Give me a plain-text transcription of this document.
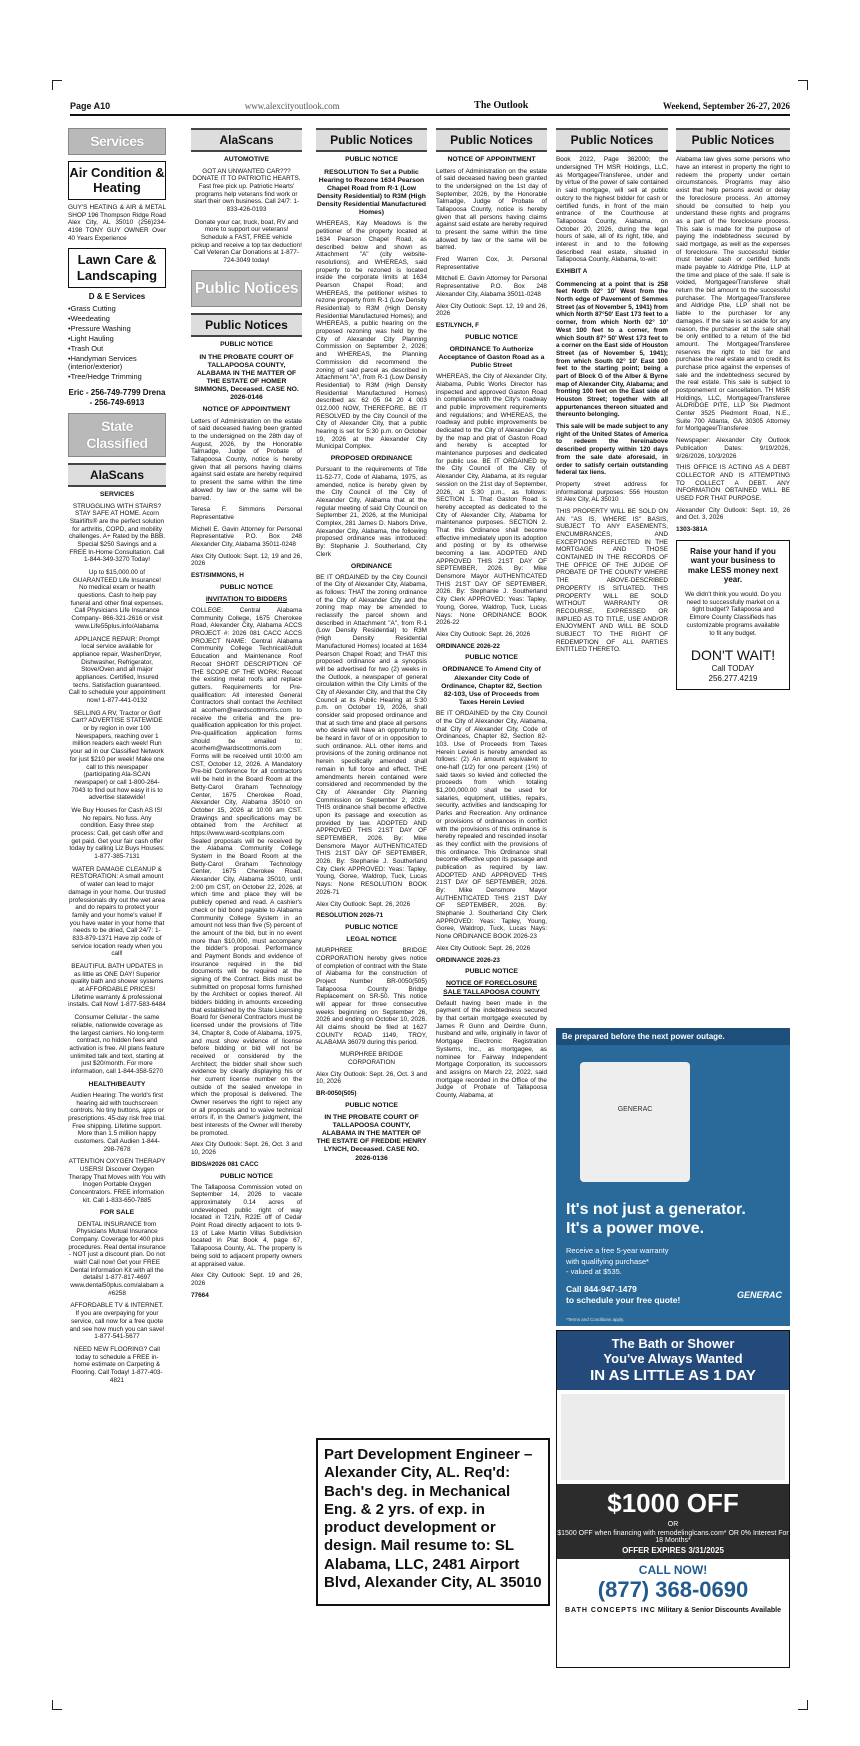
Page A10	www.alexcityoutlook.com	The Outlook	Weekend, September 26-27, 2026
Services
Air Condition & Heating
GUY'S HEATING & AIR & METAL SHOP 196 Thompson Ridge Road Alex City, AL 35010 (256)234-4198 TONY GUY OWNER Over 40 Years Experience
Lawn Care & Landscaping
D & E Services
•Grass Cutting
•Weedeating
•Pressure Washing
•Light Hauling
•Trash Out
•Handyman Services (interior/exterior)
•Tree/Hedge Trimming
Eric - 256-749-7799 Drena - 256-749-6913
State Classified
AlaScans
SERVICES
STRUGGLING WITH STAIRS? STAY SAFE AT HOME. Acorn Stairlifts® are the perfect solution for arthritis, COPD, and mobility challenges. A+ Rated by the BBB. Special $250 Savings and a FREE In-Home Consultation. Call 1-844-349-3270 Today!
Up to $15,000.00 of GUARANTEED Life Insurance! No medical exam or health questions. Cash to help pay funeral and other final expenses. Call Physicians Life Insurance Company- 866-321-2616 or visit www.Life55plus.info/Alabama
APPLIANCE REPAIR: Prompt local service available for appliance repair, Washer/Dryer, Dishwasher, Refrigerator, Stove/Oven and all major appliances. Certified, Insured techs. Satisfaction guaranteed. Call to schedule your appointment now! 1-877-441-0132
SELLING A RV, Tractor or Golf Cart? ADVERTISE STATEWIDE or by region in over 100 Newspapers, reaching over 1 million readers each week! Run your ad in our Classified Network for just $210 per week! Make one call to this newspaper (participating Ala-SCAN newspaper) or call 1-800-264-7043 to find out how easy it is to advertise statewide!
We Buy Houses for Cash AS IS! No repairs. No fuss. Any condition. Easy three step process: Call, get cash offer and get paid. Get your fair cash offer today by calling Liz Buys Houses: 1-877-385-7131
WATER DAMAGE CLEANUP & RESTORATION: A small amount of water can lead to major damage in your home. Our trusted professionals dry out the wet area and do repairs to protect your family and your home's value! If you have water in your home that needs to be dried, Call 24/7: 1-833-879-1371 Have zip code of service location ready when you call!
BEAUTIFUL BATH UPDATES in as little as ONE DAY! Superior quality bath and shower systems at AFFORDABLE PRICES! Lifetime warranty & professional installs. Call Now! 1-877-583-6484
Consumer Cellular - the same reliable, nationwide coverage as the largest carriers. No long-term contract, no hidden fees and activation is free. All plans feature unlimited talk and text, starting at just $20/month. For more information, call 1-844-358-5270
HEALTH/BEAUTY
Audien Hearing: The world's first hearing aid with touchscreen controls. No tiny buttons, apps or prescriptions. 45-day risk free trial. Free shipping. Lifetime support. More than 1.5 million happy customers. Call Audien 1-844-298-7678
ATTENTION OXYGEN THERAPY USERS! Discover Oxygen Therapy That Moves with You with Inogen Portable Oxygen Concentrators. FREE information kit. Call 1-833-650-7885
FOR SALE
DENTAL INSURANCE from Physicians Mutual Insurance Company. Coverage for 400 plus procedures. Real dental insurance - NOT just a discount plan. Do not wait! Call now! Get your FREE Dental Information Kit with all the details! 1-877-817-4697 www.dental50plus.com/alabam a #6258
AFFORDABLE TV & INTERNET. If you are overpaying for your service, call now for a free quote and see how much you can save! 1-877-541-5677
NEED NEW FLOORING? Call today to schedule a FREE in-home estimate on Carpeting & Flooring. Call Today! 1-877-403-4821
AlaScans
AUTOMOTIVE
GOT AN UNWANTED CAR??? DONATE IT TO PATRIOTIC HEARTS. Fast free pick up. Patriotic Hearts' programs help veterans find work or start their own business. Call 24/7: 1-833-426-0193
Donate your car, truck, boat, RV and more to support our veterans! Schedule a FAST, FREE vehicle pickup and receive a top tax deduction! Call Veteran Car Donations at 1-877-724-3049 today!
Public Notices
Public Notices
PUBLIC NOTICE
IN THE PROBATE COURT OF TALLAPOOSA COUNTY, ALABAMA IN THE MATTER OF THE ESTATE OF HOMER SIMMONS, Deceased. CASE NO. 2026-0146
NOTICE OF APPOINTMENT
Letters of Administration on the estate of said deceased having been granted to the undersigned on the 28th day of August, 2026, by the Honorable Talmadge, Judge of Probate of Tallapoosa County, notice is hereby given that all persons having claims against said estate are hereby required to present the same within the time allowed by law or the same will be barred.
Teresa F. Simmons Personal Representative
Michell E. Gavin Attorney for Personal Representative P.O. Box 248 Alexander City, Alabama 35011-0248
Alex City Outlook: Sept. 12, 19 and 26, 2026
EST/SIMMONS, H
PUBLIC NOTICE
INVITATION TO BIDDERS
COLLEGE: Central Alabama Community College, 1675 Cherokee Road, Alexander City, Alabama ACCS PROJECT #: 2026 081 CACC ACCS PROJECT NAME: Central Alabama Community College Technical/Adult Education and Maintenance Roof Recoat SHORT DESCRIPTION OF THE SCOPE OF THE WORK: Recoat the existing metal roofs and replace gutters. Requirements for Pre-qualification: All interested General Contractors shall contact the Architect at acorhem@wardscottmorris.com to receive the criteria and the pre-qualification application for this project. Pre-qualification application forms should be emailed to: acorhem@wardscottmorris.com . Forms will be received until 10:00 am CST, October 12, 2026. A Mandatory Pre-bid Conference for all contractors will be held in the Board Room at the Betty-Carol Graham Technology Center, 1675 Cherokee Road, Alexander City, Alabama 35010 on October 15, 2026 at 10:00 am CST. Drawings and specifications may be obtained from the Architect at https://www.ward-scottplans.com Sealed proposals will be received by the Alabama Community College System in the Board Room at the Betty-Carol Graham Technology Center, 1675 Cherokee Road, Alexander City, Alabama 35010, until 2:00 pm CST, on October 22, 2026, at which time and place they will be publicly opened and read. A cashier's check or bid bond payable to Alabama Community College System in an amount not less than five (5) percent of the amount of the bid, but in no event more than $10,000, must accompany the bidder's proposal. Performance and Payment Bonds and evidence of insurance required in the bid documents will be required at the signing of the Contract. Bids must be submitted on proposal forms furnished by the Architect or copies thereof. All bidders bidding in amounts exceeding that established by the State Licensing Board for General Contractors must be licensed under the provisions of Title 34, Chapter 8, Code of Alabama, 1975, and must show evidence of license before bidding or bid will not be received or considered by the Architect; the bidder shall show such evidence by clearly displaying his or her current license number on the outside of the sealed envelope in which the proposal is delivered. The Owner reserves the right to reject any or all proposals and to waive technical errors if, in the Owner's judgment, the best interests of the Owner will thereby be promoted.
Alex City Outlook: Sept. 26, Oct. 3 and 10, 2026
BIDS/#2026 081 CACC
PUBLIC NOTICE
The Tallapoosa Commission voted on September 14, 2026 to vacate approximately 0.14 acres of undeveloped public right of way located in T21N, R22E off of Cedar Point Road directly adjacent to lots 9-13 of Lake Martin Villas Subdivision located in Plat Book 4, page 67, Tallapoosa County, AL. The property is being sold to adjacent property owners at appraised value.
Alex City Outlook: Sept. 19 and 26, 2026
77664
Public Notices
PUBLIC NOTICE
RESOLUTION To Set a Public Hearing to Rezone 1634 Pearson Chapel Road from R-1 (Low Density Residential) to R3M (High Density Residential Manufactured Homes)
WHEREAS, Kay Meadows is the petitioner of the property located at 1634 Pearson Chapel Road, as described below and shown as Attachment "A" (city website-resolutions); and WHEREAS, said property to be rezoned is located inside the corporate limits at 1634 Pearson Chapel Road; and WHEREAS, the petitioner wishes to rezone property from R-1 (Low Density Residential) to R3M (High Density Residential Manufactured Homes); and WHEREAS, a public hearing on the proposed rezoning was held by the City of Alexander City Planning Commission on September 2, 2026; and WHEREAS, the Planning Commission did recommend the zoning of said parcel as described in Attachment "A", from R-1 (Low Density Residential) to R3M (High Density Residential Manufactured Homes) described as: 62 05 04 20 4 003 012.000 NOW, THEREFORE, BE IT RESOLVED by the City Council of the City of Alexander City, that a public hearing is set for 5:30 p.m. on October 19, 2026 at the Alexander City Municipal Complex.
PROPOSED ORDINANCE
Pursuant to the requirements of Title 11-52-77, Code of Alabama, 1975, as amended, notice is hereby given by the City Council of the City of Alexander City, Alabama that at the regular meeting of said City Council on September 21, 2026, at the Municipal Complex, 281 James D. Nabors Drive, Alexander City, Alabama, the following proposed ordinance was introduced: By: Stephanie J. Southerland, City Clerk
ORDINANCE
BE IT ORDAINED by the City Council of the City of Alexander City, Alabama, as follows: THAT the zoning ordinance of the City of Alexander City and the zoning map may be amended to reclassify the parcel shown and described in Attachment "A", from R-1 (Low Density Residential) to R3M (High Density Residential Manufactured Homes) located at 1634 Pearson Chapel Road; and THAT this proposed ordinance and a synopsis will be advertised for two (2) weeks in the Outlook, a newspaper of general circulation within the City Limits of the City of Alexander City, and that the City Council at its Public Hearing at 5:30 p.m. on October 19, 2026, shall consider said proposed ordinance and that at such time and place all persons who desire will have an opportunity to be heard in favor of or in opposition to such ordinance. ALL other items and provisions of the zoning ordinance not herein specifically amended shall remain in full force and effect. THE amendments herein contained were considered and recommended by the City of Alexander City Planning Commission on September 2, 2026. THIS ordinance shall become effective upon its passage and execution as provided by law. ADOPTED AND APPROVED THIS 21ST DAY OF SEPTEMBER, 2026. By: Mike Densmore Mayor AUTHENTICATED THIS 21ST DAY OF SEPTEMBER, 2026. By: Stephanie J. Southerland City Clerk APPROVED: Yeas: Tapley, Young, Goree, Waldrop, Tuck, Lucas Nays: None RESOLUTION BOOK 2026-71
Alex City Outlook: Sept. 26, 2026
RESOLUTION 2026-71
PUBLIC NOTICE
LEGAL NOTICE
MURPHREE BRIDGE CORPORATION hereby gives notice of completion of contract with the State of Alabama for the construction of Project Number BR-0050(505) Tallapoosa County Bridge Replacement on SR-50. This notice will appear for three consecutive weeks beginning on September 26, 2026 and ending on October 10, 2026. All claims should be filed at 1627 COUNTY ROAD 1149, TROY, ALABAMA 36079 during this period.
MURPHREE BRIDGE CORPORATION
Alex City Outlook: Sept. 26, Oct. 3 and 10, 2026
BR-0050(505)
PUBLIC NOTICE
IN THE PROBATE COURT OF TALLAPOOSA COUNTY, ALABAMA IN THE MATTER OF THE ESTATE OF FREDDIE HENRY LYNCH, Deceased. CASE NO. 2026-0136
Public Notices
NOTICE OF APPOINTMENT
Letters of Administration on the estate of said deceased having been granted to the undersigned on the 1st day of September, 2026, by the Honorable Talmadge, Judge of Probate of Tallapoosa County, notice is hereby given that all persons having claims against said estate are hereby required to present the same within the time allowed by law or the same will be barred.
Fred Warren Cox, Jr. Personal Representative
Mitchell E. Gavin Attorney for Personal Representative P.O. Box 248 Alexander City, Alabama 35011-0248
Alex City Outlook: Sept. 12, 19 and 26, 2026
EST/LYNCH, F
PUBLIC NOTICE
ORDINANCE To Authorize Acceptance of Gaston Road as a Public Street
WHEREAS, the City of Alexander City, Alabama, Public Works Director has inspected and approved Gaston Road in compliance with the City's roadway and public improvement requirements and regulations; and WHEREAS, the roadway and public improvements be dedicated to the City of Alexander City by the map and plat of Gaston Road and hereby is accepted for maintenance purposes and dedicated for public use. BE IT ORDAINED by the City Council of the City of Alexander City, Alabama, at its regular session on the 21st day of September, 2026, at 5:30 p.m., as follows: SECTION 1. That Gaston Road is hereby accepted as dedicated to the City of Alexander City, Alabama for maintenance purposes. SECTION 2. That this Ordinance shall become effective immediately upon its adoption and posting or by its otherwise becoming a law. ADOPTED AND APPROVED THIS 21ST DAY OF SEPTEMBER, 2026. By: Mike Densmore Mayor AUTHENTICATED THIS 21ST DAY OF SEPTEMBER, 2026. By: Stephanie J. Southerland City Clerk APPROVED: Yeas: Tapley, Young, Goree, Waldrop, Tuck, Lucas Nays: None ORDINANCE BOOK 2026-22
Alex City Outlook: Sept. 26, 2026
ORDINANCE 2026-22
PUBLIC NOTICE
ORDINANCE To Amend City of Alexander City Code of Ordinance, Chapter 82, Section 82-103, Use of Proceeds from Taxes Herein Levied
BE IT ORDAINED by the City Council of the City of Alexander City, Alabama, that City of Alexander City, Code of Ordinances, Chapter 82, Section 82-103. Use of Proceeds from Taxes Herein Levied is hereby amended as follows: (2) An amount equivalent to one-half (1/2) for one percent (1%) of said taxes so levied and collected the proceeds from which totaling $1,200,000.00 shall be used for salaries, equipment, utilities, repairs, security, activities and landscaping for Parks and Recreation. Any ordinance or provisions of ordinances in conflict with the provisions of this ordinance is hereby repealed and rescinded insofar as they conflict with the provisions of this ordinance. This Ordinance shall become effective upon its passage and publication as required by law. ADOPTED AND APPROVED THIS 21ST DAY OF SEPTEMBER, 2026. By: Mike Densmore Mayor AUTHENTICATED THIS 21ST DAY OF SEPTEMBER, 2026. By: Stephanie J. Southerland City Clerk APPROVED: Yeas: Tapley, Young, Goree, Waldrop, Tuck, Lucas Nays: None ORDINANCE BOOK 2026-23
Alex City Outlook: Sept. 26, 2026
ORDINANCE 2026-23
PUBLIC NOTICE
NOTICE OF FORECLOSURE SALE TALLAPOOSA COUNTY
Default having been made in the payment of the indebtedness secured by that certain mortgage executed by James R Gunn and Deirdre Gunn, husband and wife, originally in favor of Mortgage Electronic Registration Systems, Inc., as mortgagee, as nominee for Fairway Independent Mortgage Corporation, its successors and assigns on March 22, 2022, said mortgage recorded in the Office of the Judge of Probate of Tallapoosa County, Alabama, at
Public Notices
Book 2022, Page 362000; the undersigned TH MSR Holdings, LLC, as Mortgagee/Transferee, under and by virtue of the power of sale contained in said mortgage, will sell at public outcry to the highest bidder for cash or certified funds, in front of the main entrance of the Courthouse at Tallapoosa County, Alabama, on October 20, 2026, during the legal hours of sale, all of its right, title, and interest in and to the following described real estate, situated in Tallapoosa County, Alabama, to-wit:
EXHIBIT A
Commencing at a point that is 258 feet North 02° 10' West from the North edge of Pavement of Semmes Street (as of November 5, 1941) from which North 87°50' East 173 feet to a corner, from which North 02° 10' West 100 feet to a corner, from which South 87° 50' West 173 feet to a corner on the East side of Houston Street (as of November 5, 1941); from which South 02° 10' East 100 feet to the starting point; being a part of Block G of the Alber & Byrne map of Alexander City, Alabama; and fronting 100 feet on the East side of Houston Street; together with all appurtenances thereon situated and thereunto belonging.
This sale will be made subject to any right of the United States of America to redeem the hereinabove described property within 120 days from the sale date aforesaid, in order to satisfy certain outstanding federal tax liens.
Property street address for informational purposes: 556 Houston St Alex City, AL 35010
THIS PROPERTY WILL BE SOLD ON AN "AS IS, WHERE IS" BASIS, SUBJECT TO ANY EASEMENTS, ENCUMBRANCES, AND EXCEPTIONS REFLECTED IN THE MORTGAGE AND THOSE CONTAINED IN THE RECORDS OF THE OFFICE OF THE JUDGE OF PROBATE OF THE COUNTY WHERE THE ABOVE-DESCRIBED PROPERTY IS SITUATED. THIS PROPERTY WILL BE SOLD WITHOUT WARRANTY OR RECOURSE, EXPRESSED OR IMPLIED AS TO TITLE, USE AND/OR ENJOYMENT AND WILL BE SOLD SUBJECT TO THE RIGHT OF REDEMPTION OF ALL PARTIES ENTITLED THERETO.
Public Notices
Alabama law gives some persons who have an interest in property the right to redeem the property under certain circumstances. Programs may also exist that help persons avoid or delay the foreclosure process. An attorney should be consulted to help you understand these rights and programs as a part of the foreclosure process. This sale is made for the purpose of paying the indebtedness secured by said mortgage, as well as the expenses of foreclosure. The successful bidder must tender cash or certified funds made payable to Aldridge Pite, LLP at the time and place of the sale. If sale is voided, Mortgagee/Transferee shall return the bid amount to the successful purchaser. The Mortgagee/Transferee and Aldridge Pite, LLP shall not be liable to the purchaser for any damages. If the sale is set aside for any reason, the purchaser at the sale shall be only entitled to a return of the bid amount. The Mortgagee/Transferee reserves the right to bid for and purchase the real estate and to credit its purchase price against the expenses of sale and the indebtedness secured by the real estate. This sale is subject to postponement or cancellation. TH MSR Holdings, LLC, Mortgagee/Transferee ALDRIDGE PITE, LLP Six Piedmont Center 3525 Piedmont Road, N.E., Suite 700 Atlanta, GA 30305 Attorney for Mortgagee/Transferee
Newspaper: Alexander City Outlook Publication Dates: 9/19/2026, 9/26/2026, 10/3/2026
THIS OFFICE IS ACTING AS A DEBT COLLECTOR AND IS ATTEMPTING TO COLLECT A DEBT. ANY INFORMATION OBTAINED WILL BE USED FOR THAT PURPOSE.
Alexander City Outlook: Sept. 19, 26 and Oct. 3, 2026
1303-381A
Raise your hand if you want your business to make LESS money next year.
We didn't think you would. Do you need to successfully market on a tight budget? Tallapoosa and Elmore County Classifieds has customizable programs available to fit any budget.
DON'T WAIT!
Call TODAY
256.277.4219
Be prepared before the next power outage.
GENERAC
It's not just a generator.
It's a power move.
Receive a free 5-year warranty
with qualifying purchase*
- valued at $535.
Call 844-947-1479
to schedule your free quote!
GENERAC
*Terms and Conditions apply.
The Bath or Shower
You've Always Wanted
IN AS LITTLE AS 1 DAY
$1000 OFF
OR
$1500 OFF when financing with remodelinglcans.com* OR 0% Interest For 18 Months*
OFFER EXPIRES 3/31/2025
CALL NOW!
(877) 368-0690
BATH CONCEPTS INC Military & Senior Discounts Available
Part Development Engineer – Alexander City, AL. Req'd: Bach's deg. in Mechanical Eng. & 2 yrs. of exp. in product development or design. Mail resume to: SL Alabama, LLC, 2481 Airport Blvd, Alexander City, AL 35010
